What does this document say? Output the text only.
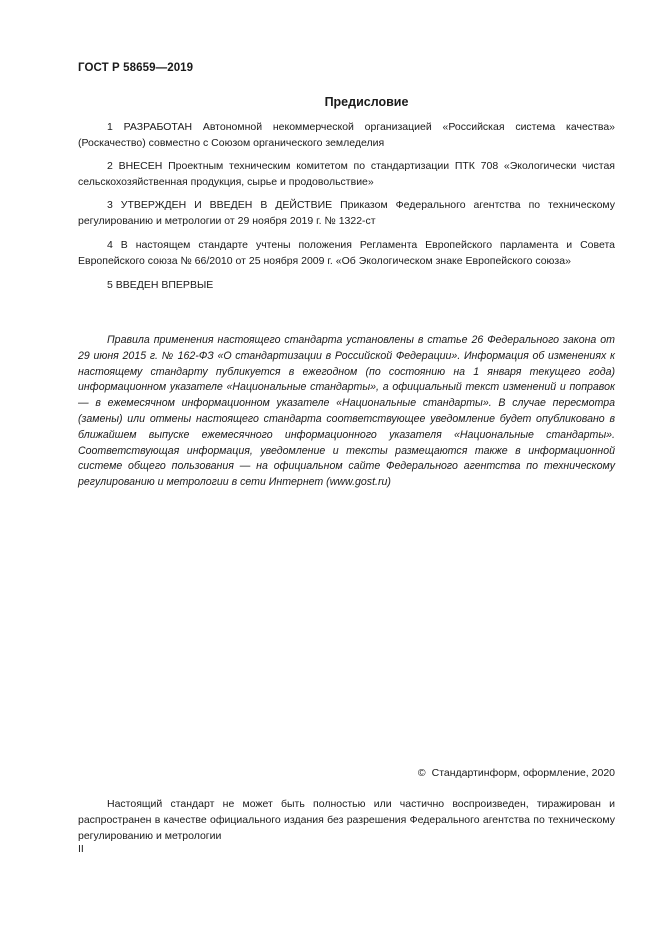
ГОСТ Р 58659—2019
Предисловие
1 РАЗРАБОТАН Автономной некоммерческой организацией «Российская система качества» (Роскачество) совместно с Союзом органического земледелия
2 ВНЕСЕН Проектным техническим комитетом по стандартизации ПТК 708 «Экологически чистая сельскохозяйственная продукция, сырье и продовольствие»
3 УТВЕРЖДЕН И ВВЕДЕН В ДЕЙСТВИЕ Приказом Федерального агентства по техническому регулированию и метрологии от 29 ноября 2019 г. № 1322-ст
4 В настоящем стандарте учтены положения Регламента Европейского парламента и Совета Европейского союза № 66/2010 от 25 ноября 2009 г. «Об Экологическом знаке Европейского союза»
5 ВВЕДЕН ВПЕРВЫЕ
Правила применения настоящего стандарта установлены в статье 26 Федерального закона от 29 июня 2015 г. № 162-ФЗ «О стандартизации в Российской Федерации». Информация об изменениях к настоящему стандарту публикуется в ежегодном (по состоянию на 1 января текущего года) информационном указателе «Национальные стандарты», а официальный текст изменений и поправок — в ежемесячном информационном указателе «Национальные стандарты». В случае пересмотра (замены) или отмены настоящего стандарта соответствующее уведомление будет опубликовано в ближайшем выпуске ежемесячного информационного указателя «Национальные стандарты». Соответствующая информация, уведомление и тексты размещаются также в информационной системе общего пользования — на официальном сайте Федерального агентства по техническому регулированию и метрологии в сети Интернет (www.gost.ru)
© Стандартинформ, оформление, 2020
Настоящий стандарт не может быть полностью или частично воспроизведен, тиражирован и распространен в качестве официального издания без разрешения Федерального агентства по техническому регулированию и метрологии
II
